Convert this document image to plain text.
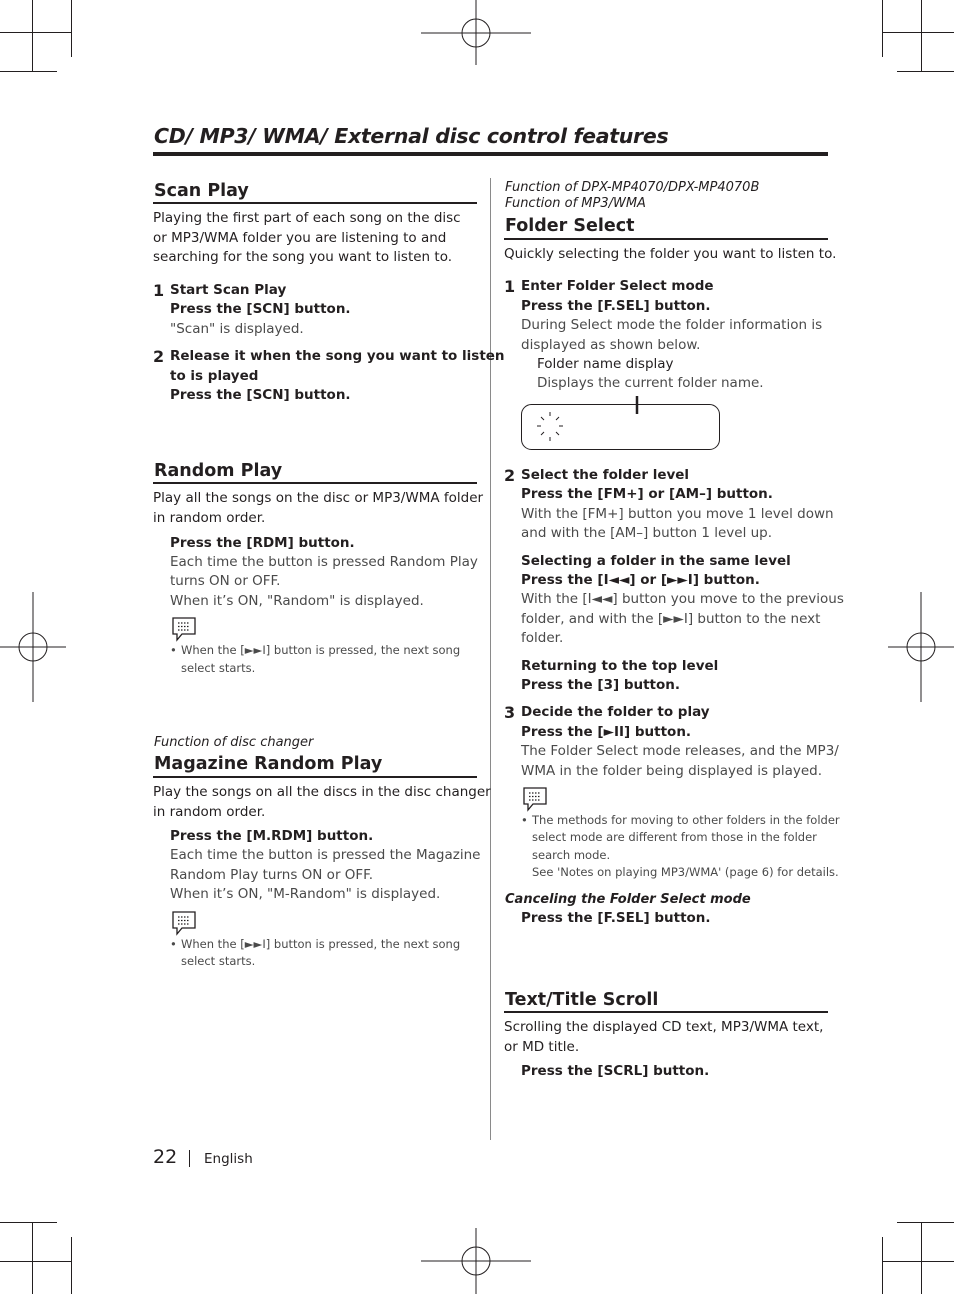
CD/ MP3/ WMA/ External disc control features
Scan Play
Playing the first part of each song on the disc
or MP3/WMA folder you are listening to and
searching for the song you want to listen to.
1 Start Scan Play
Press the [SCN] button.
"Scan" is displayed.
2 Release it when the song you want to listen
to is played
Press the [SCN] button.
Random Play
Play all the songs on the disc or MP3/WMA folder
in random order.
Press the [RDM] button.
Each time the button is pressed Random Play
turns ON or OFF.
When it’s ON, "Random" is displayed.
• When the [►►I] button is pressed, the next song
select starts.
Function of disc changer
Magazine Random Play
Play the songs on all the discs in the disc changer
in random order.
Press the [M.RDM] button.
Each time the button is pressed the Magazine
Random Play turns ON or OFF.
When it’s ON, "M-Random" is displayed.
• When the [►►I] button is pressed, the next song
select starts.
Function of DPX-MP4070/DPX-MP4070B
Function of MP3/WMA
Folder Select
Quickly selecting the folder you want to listen to.
1 Enter Folder Select mode
Press the [F.SEL] button.
During Select mode the folder information is
displayed as shown below.
Folder name display
Displays the current folder name.
2 Select the folder level
Press the [FM+] or [AM–] button.
With the [FM+] button you move 1 level down
and with the [AM–] button 1 level up.
Selecting a folder in the same level
Press the [I◄◄] or [►►I] button.
With the [I◄◄] button you move to the previous
folder, and with the [►►I] button to the next
folder.
Returning to the top level
Press the [3] button.
3 Decide the folder to play
Press the [►II] button.
The Folder Select mode releases, and the MP3/
WMA in the folder being displayed is played.
• The methods for moving to other folders in the folder
select mode are different from those in the folder
search mode.
See 'Notes on playing MP3/WMA' (page 6) for details.
Canceling the Folder Select mode
Press the [F.SEL] button.
Text/Title Scroll
Scrolling the displayed CD text, MP3/WMA text,
or MD title.
Press the [SCRL] button.
22 English
